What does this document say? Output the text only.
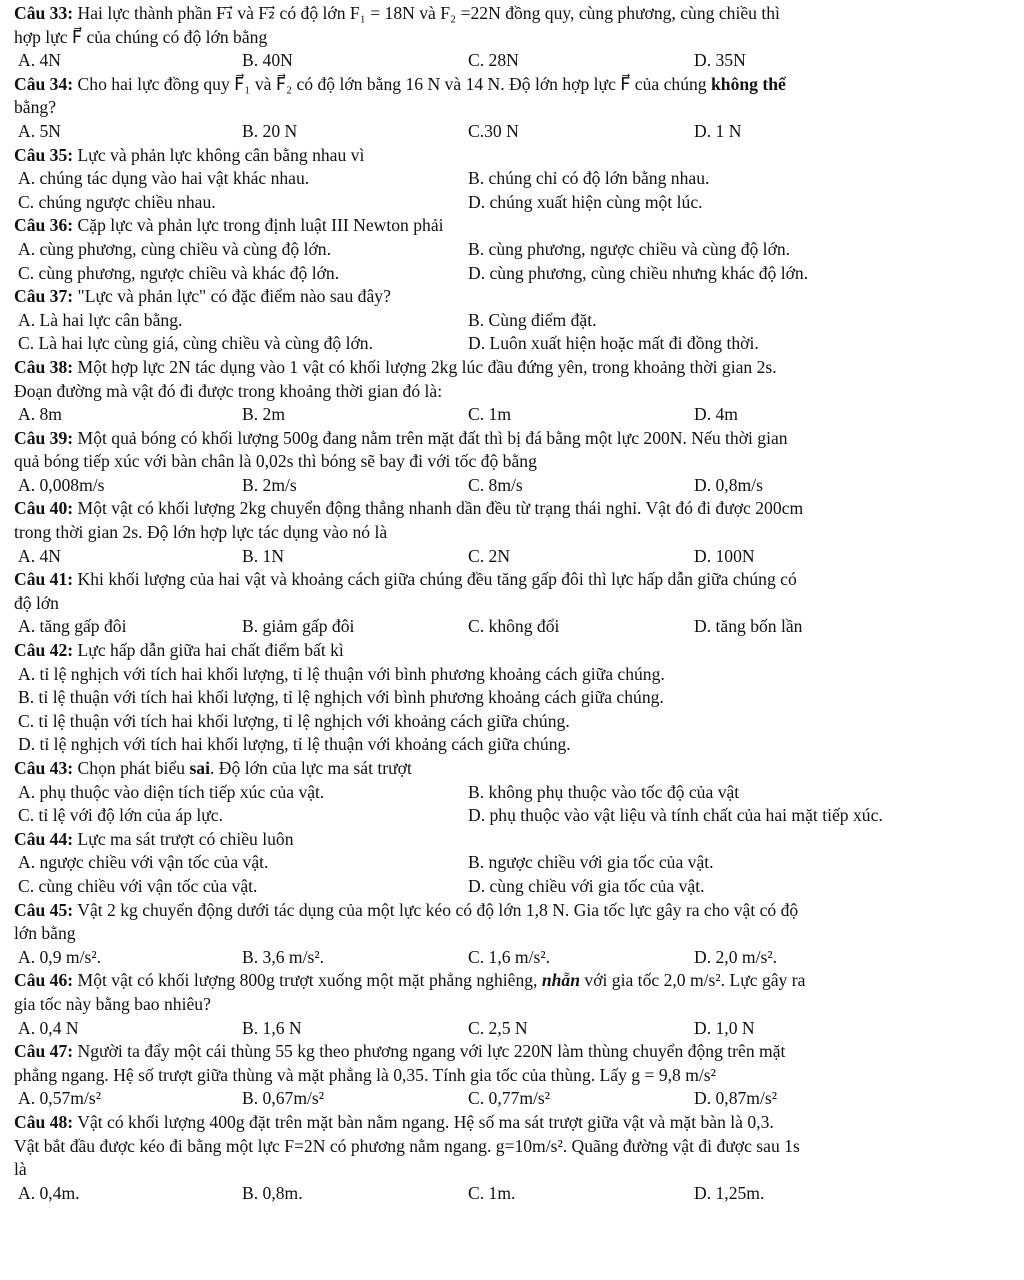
Câu 33: Hai lực thành phần F₁⃗ và F₂⃗ có độ lớn F₁ = 18N và F₂ =22N đồng quy, cùng phương, cùng chiều thì
hợp lực F⃗ của chúng có độ lớn bằng
A. 4N	B. 40N	C. 28N	D. 35N
Câu 34: Cho hai lực đồng quy F⃗₁ và F⃗₂ có độ lớn bằng 16 N và 14 N. Độ lớn hợp lực F⃗ của chúng không thể
bằng?
A. 5N	B. 20 N	C.30 N	D. 1 N
Câu 35: Lực và phản lực không cân bằng nhau vì
A. chúng tác dụng vào hai vật khác nhau.	B. chúng chỉ có độ lớn bằng nhau.
C. chúng ngược chiều nhau.	D. chúng xuất hiện cùng một lúc.
Câu 36: Cặp lực và phản lực trong định luật III Newton phải
A. cùng phương, cùng chiều và cùng độ lớn.	B. cùng phương, ngược chiều và cùng độ lớn.
C. cùng phương, ngược chiều và khác độ lớn.	D. cùng phương, cùng chiều nhưng khác độ lớn.
Câu 37: "Lực và phản lực" có đặc điểm nào sau đây?
A. Là hai lực cân bằng.	B. Cùng điểm đặt.
C. Là hai lực cùng giá, cùng chiều và cùng độ lớn.	D. Luôn xuất hiện hoặc mất đi đồng thời.
Câu 38: Một hợp lực 2N tác dụng vào 1 vật có khối lượng 2kg lúc đầu đứng yên, trong khoảng thời gian 2s.
Đoạn đường mà vật đó đi được trong khoảng thời gian đó là:
A. 8m	B. 2m	C. 1m	D. 4m
Câu 39: Một quả bóng có khối lượng 500g đang nằm trên mặt đất thì bị đá bằng một lực 200N. Nếu thời gian
quả bóng tiếp xúc với bàn chân là 0,02s thì bóng sẽ bay đi với tốc độ bằng
A. 0,008m/s	B. 2m/s	C. 8m/s	D. 0,8m/s
Câu 40: Một vật có khối lượng 2kg chuyển động thẳng nhanh dần đều từ trạng thái nghỉ. Vật đó đi được 200cm
trong thời gian 2s. Độ lớn hợp lực tác dụng vào nó là
A. 4N	B. 1N	C. 2N	D. 100N
Câu 41: Khi khối lượng của hai vật và khoảng cách giữa chúng đều tăng gấp đôi thì lực hấp dẫn giữa chúng có
độ lớn
A. tăng gấp đôi	B. giảm gấp đôi	C. không đổi	D. tăng bốn lần
Câu 42: Lực hấp dẫn giữa hai chất điểm bất kì
A. tỉ lệ nghịch với tích hai khối lượng, tỉ lệ thuận với bình phương khoảng cách giữa chúng.
B. tỉ lệ thuận với tích hai khối lượng, tỉ lệ nghịch với bình phương khoảng cách giữa chúng.
C. tỉ lệ thuận với tích hai khối lượng, tỉ lệ nghịch với khoảng cách giữa chúng.
D. tỉ lệ nghịch với tích hai khối lượng, tỉ lệ thuận với khoảng cách giữa chúng.
Câu 43: Chọn phát biểu sai. Độ lớn của lực ma sát trượt
A. phụ thuộc vào diện tích tiếp xúc của vật.	B. không phụ thuộc vào tốc độ của vật
C. tỉ lệ với độ lớn của áp lực.	D. phụ thuộc vào vật liệu và tính chất của hai mặt tiếp xúc.
Câu 44: Lực ma sát trượt có chiều luôn
A. ngược chiều với vận tốc của vật.	B. ngược chiều với gia tốc của vật.
C. cùng chiều với vận tốc của vật.	D. cùng chiều với gia tốc của vật.
Câu 45: Vật 2 kg chuyển động dưới tác dụng của một lực kéo có độ lớn 1,8 N. Gia tốc lực gây ra cho vật có độ
lớn bằng
A. 0,9 m/s².	B. 3,6 m/s².	C. 1,6 m/s².	D. 2,0 m/s².
Câu 46: Một vật có khối lượng 800g trượt xuống một mặt phẳng nghiêng, nhẵn với gia tốc 2,0 m/s². Lực gây ra
gia tốc này bằng bao nhiêu?
A. 0,4 N	B. 1,6 N	C. 2,5 N	D. 1,0 N
Câu 47: Người ta đẩy một cái thùng 55 kg theo phương ngang với lực 220N làm thùng chuyển động trên mặt
phẳng ngang. Hệ số trượt giữa thùng và mặt phẳng là 0,35. Tính gia tốc của thùng. Lấy g = 9,8 m/s²
A. 0,57m/s²	B. 0,67m/s²	C. 0,77m/s²	D. 0,87m/s²
Câu 48: Vật có khối lượng 400g đặt trên mặt bàn nằm ngang. Hệ số ma sát trượt giữa vật và mặt bàn là 0,3.
Vật bắt đầu được kéo đi bằng một lực F=2N có phương nằm ngang. g=10m/s². Quãng đường vật đi được sau 1s
là
A. 0,4m.	B. 0,8m.	C. 1m.	D. 1,25m.
